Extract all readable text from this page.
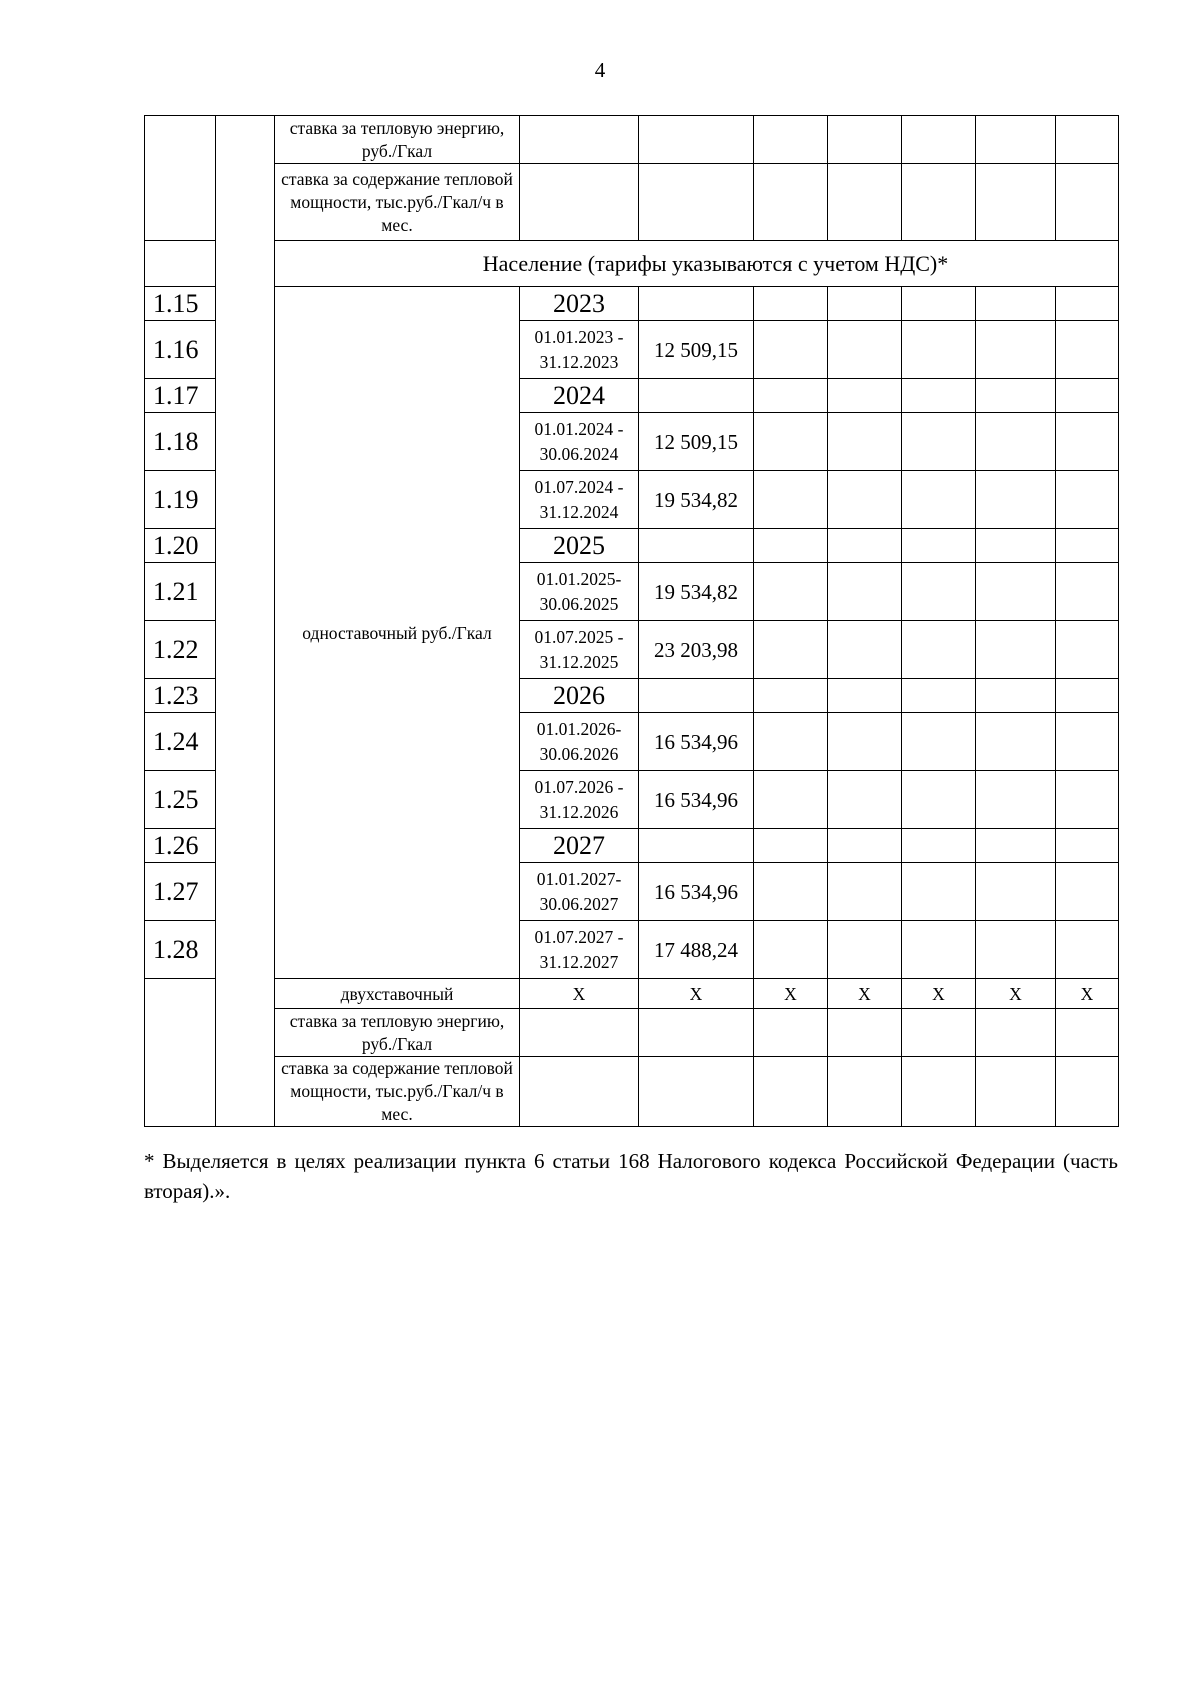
4
		ставка за тепловую энергию, руб./Гкал							
		ставка за содержание тепловой мощности, тыс.руб./Гкал/ч в мес.							
		Население (тарифы указываются с учетом НДС)*							
1.15		одноставочный руб./Гкал	2023						
1.16			01.01.2023 -
31.12.2023	12 509,15					
1.17			2024						
1.18			01.01.2024 -
30.06.2024	12 509,15					
1.19			01.07.2024 -
31.12.2024	19 534,82					
1.20			2025						
1.21			01.01.2025-
30.06.2025	19 534,82					
1.22			01.07.2025 -
31.12.2025	23 203,98					
1.23			2026						
1.24			01.01.2026-
30.06.2026	16 534,96					
1.25			01.07.2026 -
31.12.2026	16 534,96					
1.26			2027						
1.27			01.01.2027-
30.06.2027	16 534,96					
1.28			01.07.2027 -
31.12.2027	17 488,24					
		двухставочный	X	X	X	X	X	X	X
		ставка за тепловую энергию, руб./Гкал							
		ставка за содержание тепловой мощности, тыс.руб./Гкал/ч в мес.							
* Выделяется в целях реализации пункта 6 статьи 168 Налогового кодекса Российской Федерации (часть вторая).».
